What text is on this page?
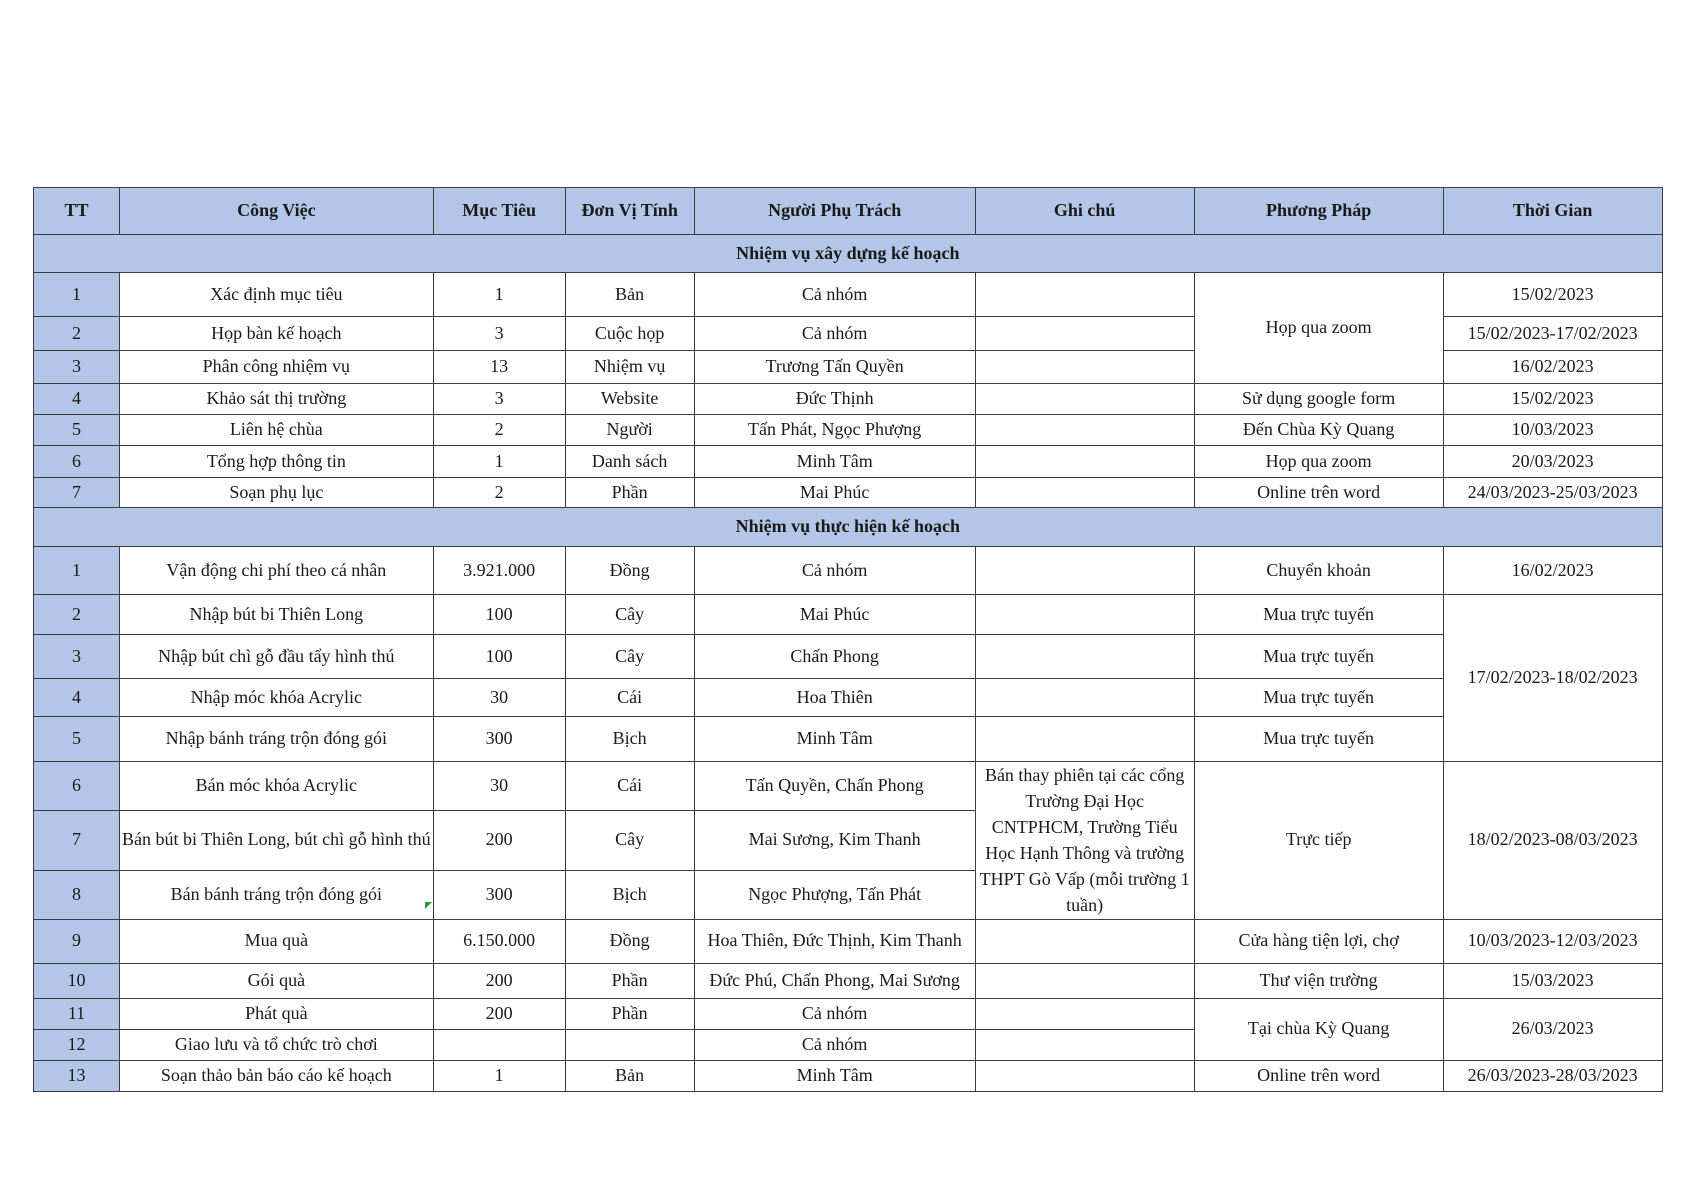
TT	Công Việc	Mục Tiêu	Đơn Vị Tính	Người Phụ Trách	Ghi chú	Phương Pháp	Thời Gian
Nhiệm vụ xây dựng kế hoạch							
1	Xác định mục tiêu	1	Bản	Cả nhóm		Họp qua zoom	15/02/2023
2	Họp bàn kế hoạch	3	Cuộc họp	Cả nhóm			15/02/2023-17/02/2023
3	Phân công nhiệm vụ	13	Nhiệm vụ	Trương Tấn Quyền			16/02/2023
4	Khảo sát thị trường	3	Website	Đức Thịnh		Sử dụng google form	15/02/2023
5	Liên hệ chùa	2	Người	Tấn Phát, Ngọc Phượng		Đến Chùa Kỳ Quang	10/03/2023
6	Tổng hợp thông tin	1	Danh sách	Minh Tâm		Họp qua zoom	20/03/2023
7	Soạn phụ lục	2	Phần	Mai Phúc		Online trên word	24/03/2023-25/03/2023
Nhiệm vụ thực hiện kế hoạch							
1	Vận động chi phí theo cá nhân	3.921.000	Đồng	Cả nhóm		Chuyển khoản	16/02/2023
2	Nhập bút bi Thiên Long	100	Cây	Mai Phúc		Mua trực tuyến	17/02/2023-18/02/2023
3	Nhập bút chì gỗ đầu tẩy hình thú	100	Cây	Chấn Phong		Mua trực tuyến	
4	Nhập móc khóa Acrylic	30	Cái	Hoa Thiên		Mua trực tuyến	
5	Nhập bánh tráng trộn đóng gói	300	Bịch	Minh Tâm		Mua trực tuyến	
6	Bán móc khóa Acrylic	30	Cái	Tấn Quyền, Chấn Phong	Bán thay phiên tại các cổng Trường Đại Học CNTPHCM, Trường Tiểu Học Hạnh Thông và trường THPT Gò Vấp (mỗi trường 1 tuần)	Trực tiếp	18/02/2023-08/03/2023
7	Bán bút bi Thiên Long, bút chì gỗ hình thú	200	Cây	Mai Sương, Kim Thanh			
8	Bán bánh tráng trộn đóng gói	300	Bịch	Ngọc Phượng, Tấn Phát			
9	Mua quà	6.150.000	Đồng	Hoa Thiên, Đức Thịnh, Kim Thanh		Cửa hàng tiện lợi, chợ	10/03/2023-12/03/2023
10	Gói quà	200	Phần	Đức Phú, Chấn Phong, Mai Sương		Thư viện trường	15/03/2023
11	Phát quà	200	Phần	Cả nhóm		Tại chùa Kỳ Quang	26/03/2023
12	Giao lưu và tổ chức trò chơi			Cả nhóm			
13	Soạn thảo bản báo cáo kế hoạch	1	Bản	Minh Tâm		Online trên word	26/03/2023-28/03/2023
